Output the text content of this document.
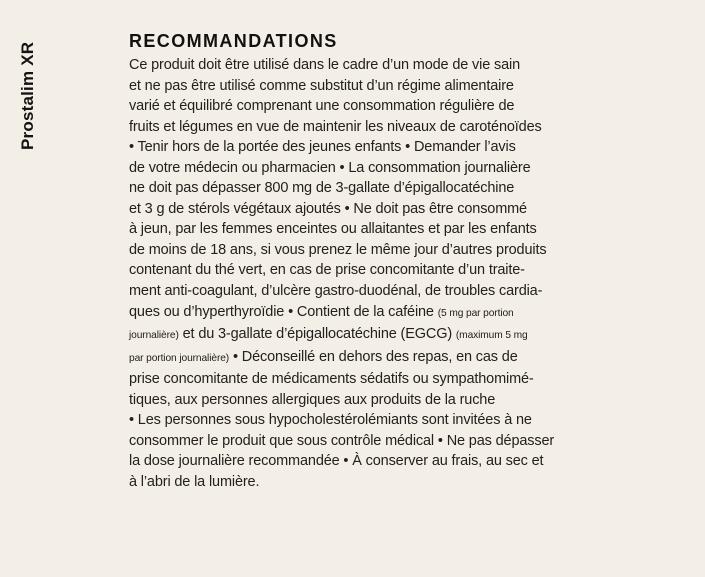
Prostalim XR
RECOMMANDATIONS
Ce produit doit être utilisé dans le cadre d’un mode de vie sain
et ne pas être utilisé comme substitut d’un régime alimentaire
varié et équilibré comprenant une consommation régulière de
fruits et légumes en vue de maintenir les niveaux de caroténoïdes
• Tenir hors de la portée des jeunes enfants • Demander l’avis
de votre médecin ou pharmacien • La consommation journalière
ne doit pas dépasser 800 mg de 3-gallate d’épigallocatéchine
et 3 g de stérols végétaux ajoutés • Ne doit pas être consommé
à jeun, par les femmes enceintes ou allaitantes et par les enfants
de moins de 18 ans, si vous prenez le même jour d’autres produits
contenant du thé vert, en cas de prise concomitante d’un traite-
ment anti-coagulant, d’ulcère gastro-duodénal, de troubles cardia-
ques ou d’hyperthyroïdie • Contient de la caféine (5 mg par portion
journalière) et du 3-gallate d’épigallocatéchine (EGCG) (maximum 5 mg
par portion journalière) • Déconseillé en dehors des repas, en cas de
prise concomitante de médicaments sédatifs ou sympathomimé-
tiques, aux personnes allergiques aux produits de la ruche
• Les personnes sous hypocholestérolémiants sont invitées à ne
consommer le produit que sous contrôle médical • Ne pas dépasser
la dose journalière recommandée • À conserver au frais, au sec et
à l’abri de la lumière.
